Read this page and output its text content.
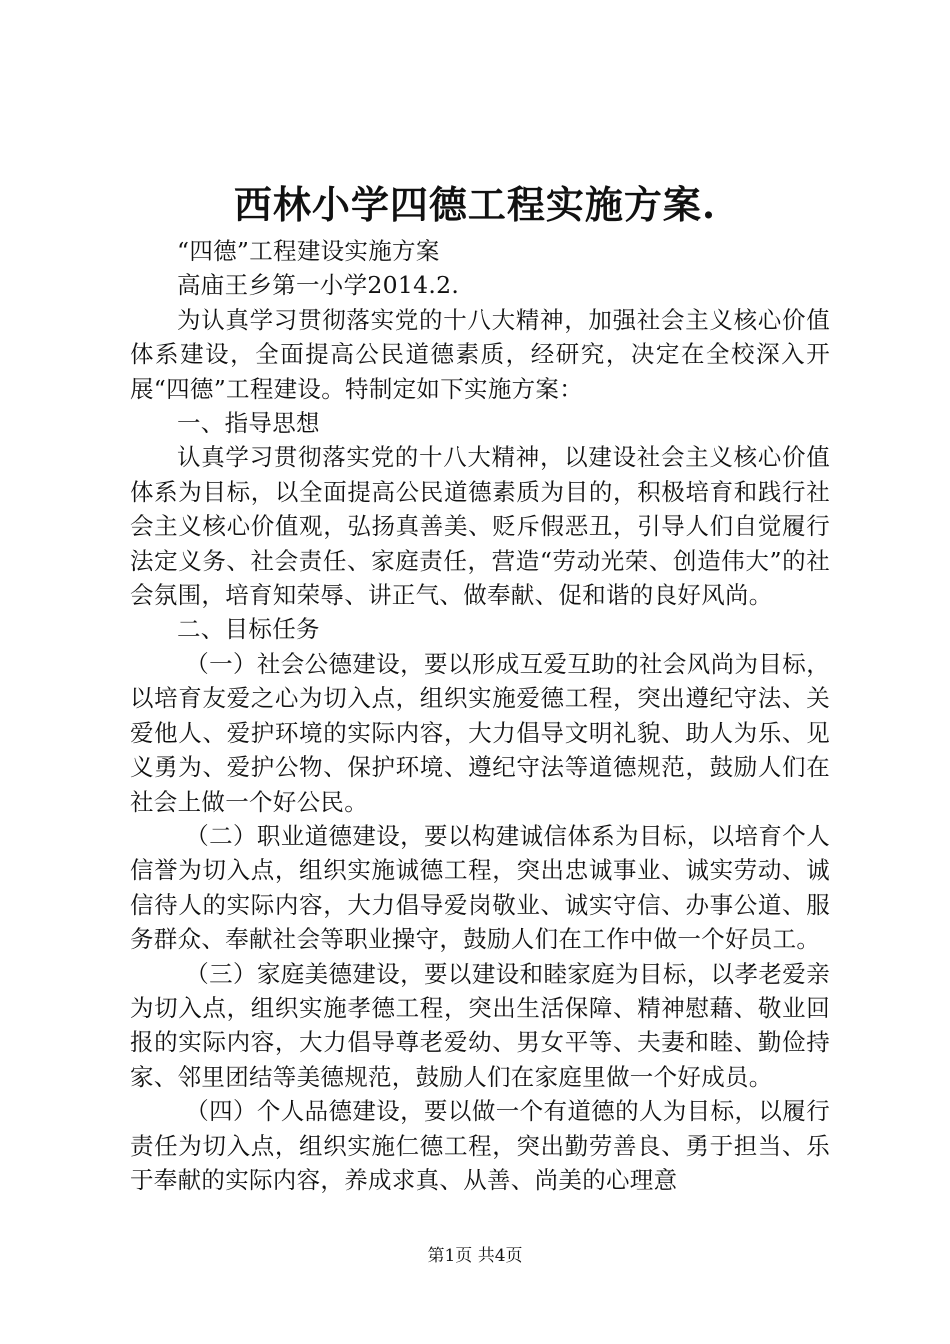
西林小学四德工程实施方案.

“四德”工程建设实施方案

高庙王乡第一小学2014.2.

为认真学习贯彻落实党的十八大精神，加强社会主义核心价值体系建设，全面提高公民道德素质，经研究，决定在全校深入开展“四德”工程建设。特制定如下实施方案：

一、指导思想

认真学习贯彻落实党的十八大精神，以建设社会主义核心价值体系为目标，以全面提高公民道德素质为目的，积极培育和践行社会主义核心价值观，弘扬真善美、贬斥假恶丑，引导人们自觉履行法定义务、社会责任、家庭责任，营造“劳动光荣、创造伟大”的社会氛围，培育知荣辱、讲正气、做奉献、促和谐的良好风尚。

二、目标任务

（一）社会公德建设，要以形成互爱互助的社会风尚为目标，以培育友爱之心为切入点，组织实施爱德工程，突出遵纪守法、关爱他人、爱护环境的实际内容，大力倡导文明礼貌、助人为乐、见义勇为、爱护公物、保护环境、遵纪守法等道德规范，鼓励人们在社会上做一个好公民。

（二）职业道德建设，要以构建诚信体系为目标，以培育个人信誉为切入点，组织实施诚德工程，突出忠诚事业、诚实劳动、诚信待人的实际内容，大力倡导爱岗敬业、诚实守信、办事公道、服务群众、奉献社会等职业操守，鼓励人们在工作中做一个好员工。

（三）家庭美德建设，要以建设和睦家庭为目标，以孝老爱亲为切入点，组织实施孝德工程，突出生活保障、精神慰藉、敬业回报的实际内容，大力倡导尊老爱幼、男女平等、夫妻和睦、勤俭持家、邻里团结等美德规范，鼓励人们在家庭里做一个好成员。

（四）个人品德建设，要以做一个有道德的人为目标，以履行责任为切入点，组织实施仁德工程，突出勤劳善良、勇于担当、乐于奉献的实际内容，养成求真、从善、尚美的心理意

第1页 共4页
